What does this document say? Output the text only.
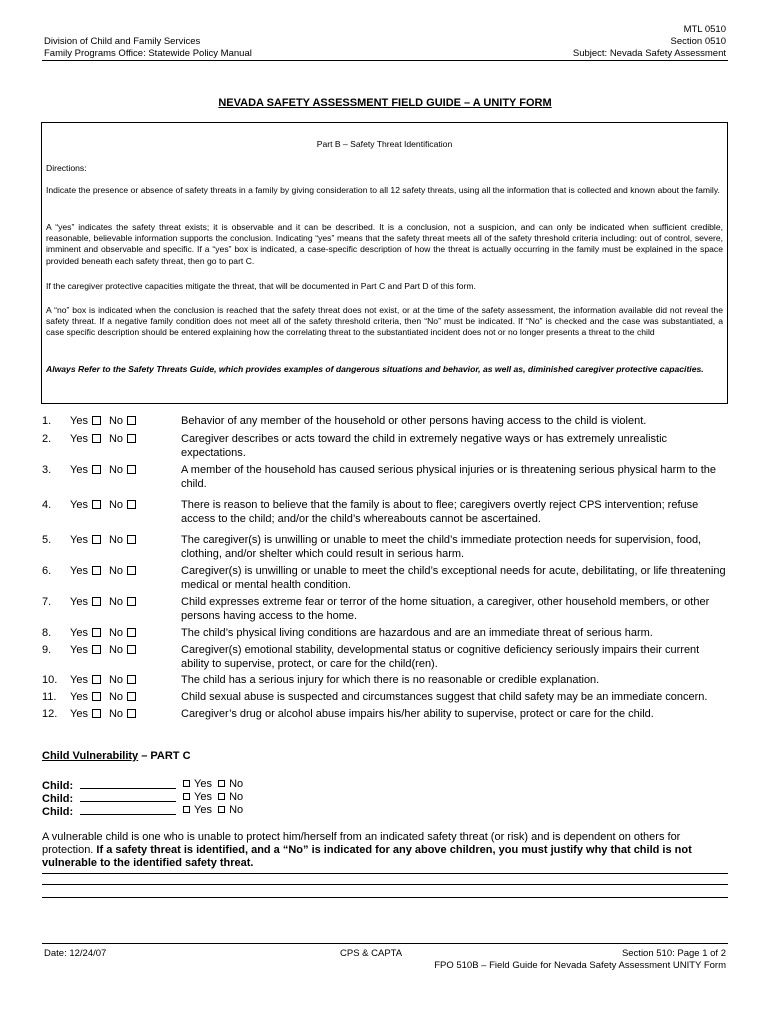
Division of Child and Family Services
Family Programs Office: Statewide Policy Manual
MTL 0510
Section 0510
Subject: Nevada Safety Assessment
NEVADA SAFETY ASSESSMENT FIELD GUIDE – A UNITY FORM
Part B – Safety Threat Identification
Directions:
Indicate the presence or absence of safety threats in a family by giving consideration to all 12 safety threats, using all the information that is collected and known about the family.
A “yes” indicates the safety threat exists; it is observable and it can be described. It is a conclusion, not a suspicion, and can only be indicated when sufficient credible, reasonable, believable information supports the conclusion. Indicating “yes” means that the safety threat meets all of the safety threshold criteria including: out of control, severe, imminent and observable and specific. If a “yes” box is indicated, a case-specific description of how the threat is actually occurring in the family must be explained in the space provided beneath each safety threat, then go to part C.
If the caregiver protective capacities mitigate the threat, that will be documented in Part C and Part D of this form.
A “no” box is indicated when the conclusion is reached that the safety threat does not exist, or at the time of the safety assessment, the information available did not reveal the safety threat. If a negative family condition does not meet all of the safety threshold criteria, then “No” must be indicated. If “No” is checked and the case was substantiated, a case specific description should be entered explaining how the correlating threat to the substantiated incident does not or no longer presents a threat to the child
Always Refer to the Safety Threats Guide, which provides examples of dangerous situations and behavior, as well as, diminished caregiver protective capacities.
1.	Yes No	Behavior of any member of the household or other persons having access to the child is violent.
2.	Yes No	Caregiver describes or acts toward the child in extremely negative ways or has extremely unrealistic expectations.
3.	Yes No	A member of the household has caused serious physical injuries or is threatening serious physical harm to the child.
4.	Yes No	There is reason to believe that the family is about to flee; caregivers overtly reject CPS intervention; refuse access to the child; and/or the child’s whereabouts cannot be ascertained.
5.	Yes No	The caregiver(s) is unwilling or unable to meet the child’s immediate protection needs for supervision, food, clothing, and/or shelter which could result in serious harm.
6.	Yes No	Caregiver(s) is unwilling or unable to meet the child’s exceptional needs for acute, debilitating, or life threatening medical or mental health condition.
7.	Yes No	Child expresses extreme fear or terror of the home situation, a caregiver, other household members, or other persons having access to the home.
8.	Yes No	The child’s physical living conditions are hazardous and are an immediate threat of serious harm.
9.	Yes No	Caregiver(s) emotional stability, developmental status or cognitive deficiency seriously impairs their current ability to supervise, protect, or care for the child(ren).
10.	Yes No	The child has a serious injury for which there is no reasonable or credible explanation.
11.	Yes No	Child sexual abuse is suspected and circumstances suggest that child safety may be an immediate concern.
12.	Yes No	Caregiver’s drug or alcohol abuse impairs his/her ability to supervise, protect or care for the child.
Child Vulnerability – PART C
Child:	Yes No
Child:	Yes No
Child:	Yes No
A vulnerable child is one who is unable to protect him/herself from an indicated safety threat (or risk) and is dependent on others for protection. If a safety threat is identified, and a “No” is indicated for any above children, you must justify why that child is not vulnerable to the identified safety threat.
Date: 12/24/07	CPS & CAPTA	Section 510: Page 1 of 2
FPO 510B – Field Guide for Nevada Safety Assessment UNITY Form
